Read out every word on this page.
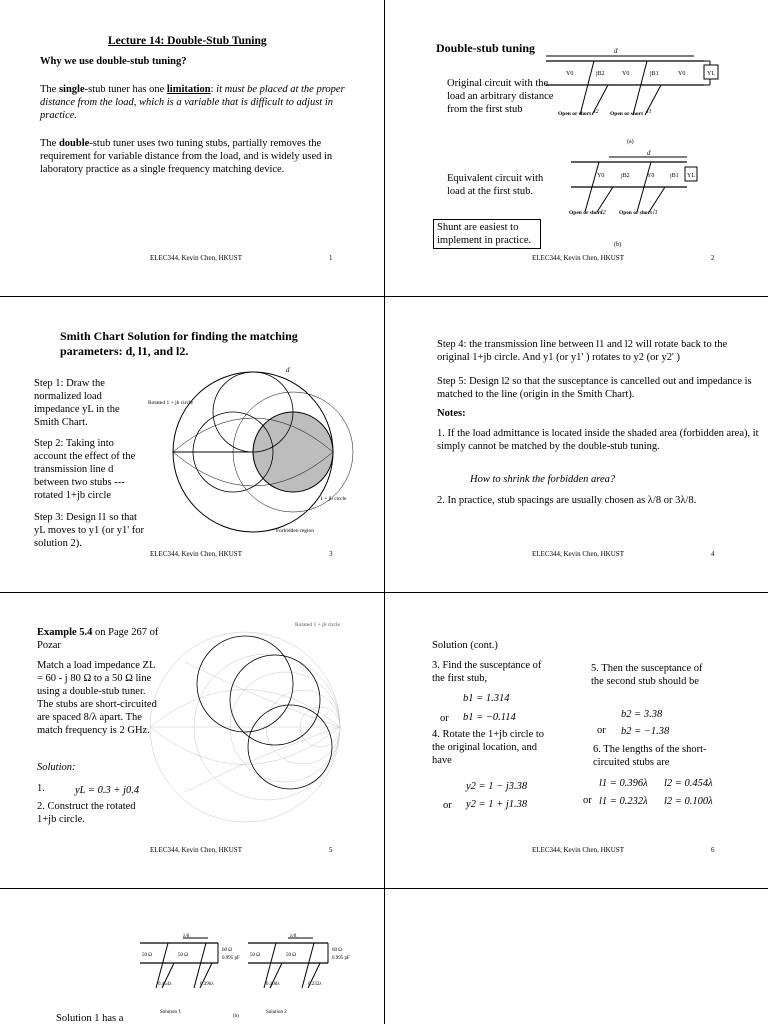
Lecture 14: Double-Stub Tuning
Why we use double-stub tuning?
The single-stub tuner has one limitation: it must be placed at the proper distance from the load, which is a variable that is difficult to adjust in practice.
The double-stub tuner uses two tuning stubs, partially removes the requirement for variable distance from the load, and is widely used in laboratory practice as a single frequency matching device.
ELEC344, Kevin Chen, HKUST	1
Double-stub tuning
Original circuit with the load an arbitrary distance from the first stub
Equivalent circuit with load at the first stub.
Shunt are easiest to implement in practice.
d
Y0	jB2	Y0	jB1	Y0	YL
Open or short	Open or short
l2	l1
(a)
d
Y0	jB2	Y0	jB1 YL
Open or short	Open or short
l2	l1
(b)
ELEC344, Kevin Chen, HKUST	2
Smith Chart Solution for finding the matching
parameters: d, l1, and l2.
Step 1: Draw the normalized load impedance yL in the Smith Chart.
Step 2: Taking into account the effect of the transmission line d between two stubs --- rotated 1+jb circle
Step 3: Design l1 so that yL moves to y1 (or y1' for solution 2).
Rotated 1 + jb circle
1 + jb circle
Forbidden region
d
ELEC344, Kevin Chen, HKUST	3
Step 4: the transmission line between l1 and l2 will rotate back to the original 1+jb circle. And y1 (or y1' ) rotates to y2 (or y2' )
Step 5: Design l2 so that the susceptance is cancelled out and impedance is matched to the line (origin in the Smith Chart).
Notes:
1. If the load admittance is located inside the shaded area (forbidden area), it simply cannot be matched by the double-stub tuning.
How to shrink the forbidden area?
2. In practice, stub spacings are usually chosen as λ/8 or 3λ/8.
ELEC344, Kevin Chen, HKUST	4
Rotated 1 + jb circle
Example 5.4 on Page 267 of Pozar
Match a load impedance ZL = 60 - j 80 Ω to a 50 Ω line using a double-stub tuner. The stubs are short-circuited are spaced 8/λ apart. The match frequency is 2 GHz.
Solution:
1.	yL = 0.3 + j0.4
2. Construct the rotated 1+jb circle.
ELEC344, Kevin Chen, HKUST	5
Solution (cont.)
3. Find the susceptance of the first stub,
b1 = 1.314
or b1 = −0.114
4. Rotate the 1+jb circle to the original location, and have
y2 = 1 − j3.38
or y2 = 1 + j1.38
5. Then the susceptance of the second stub should be
b2 = 3.38
or b2 = −1.38
6. The lengths of the short-circuited stubs are
l1 = 0.396λ l2 = 0.454λ
or l1 = 0.232λ l2 = 0.100λ
ELEC344, Kevin Chen, HKUST	6
λ/8
50 Ω	50 Ω
60 Ω
0.995 pF
0.454λ	0.396λ
Solution 1
(b)
λ/8
50 Ω	50 Ω
60 Ω
0.995 pF
0.100λ	0.232λ
Solution 2
Solution 1 has a
